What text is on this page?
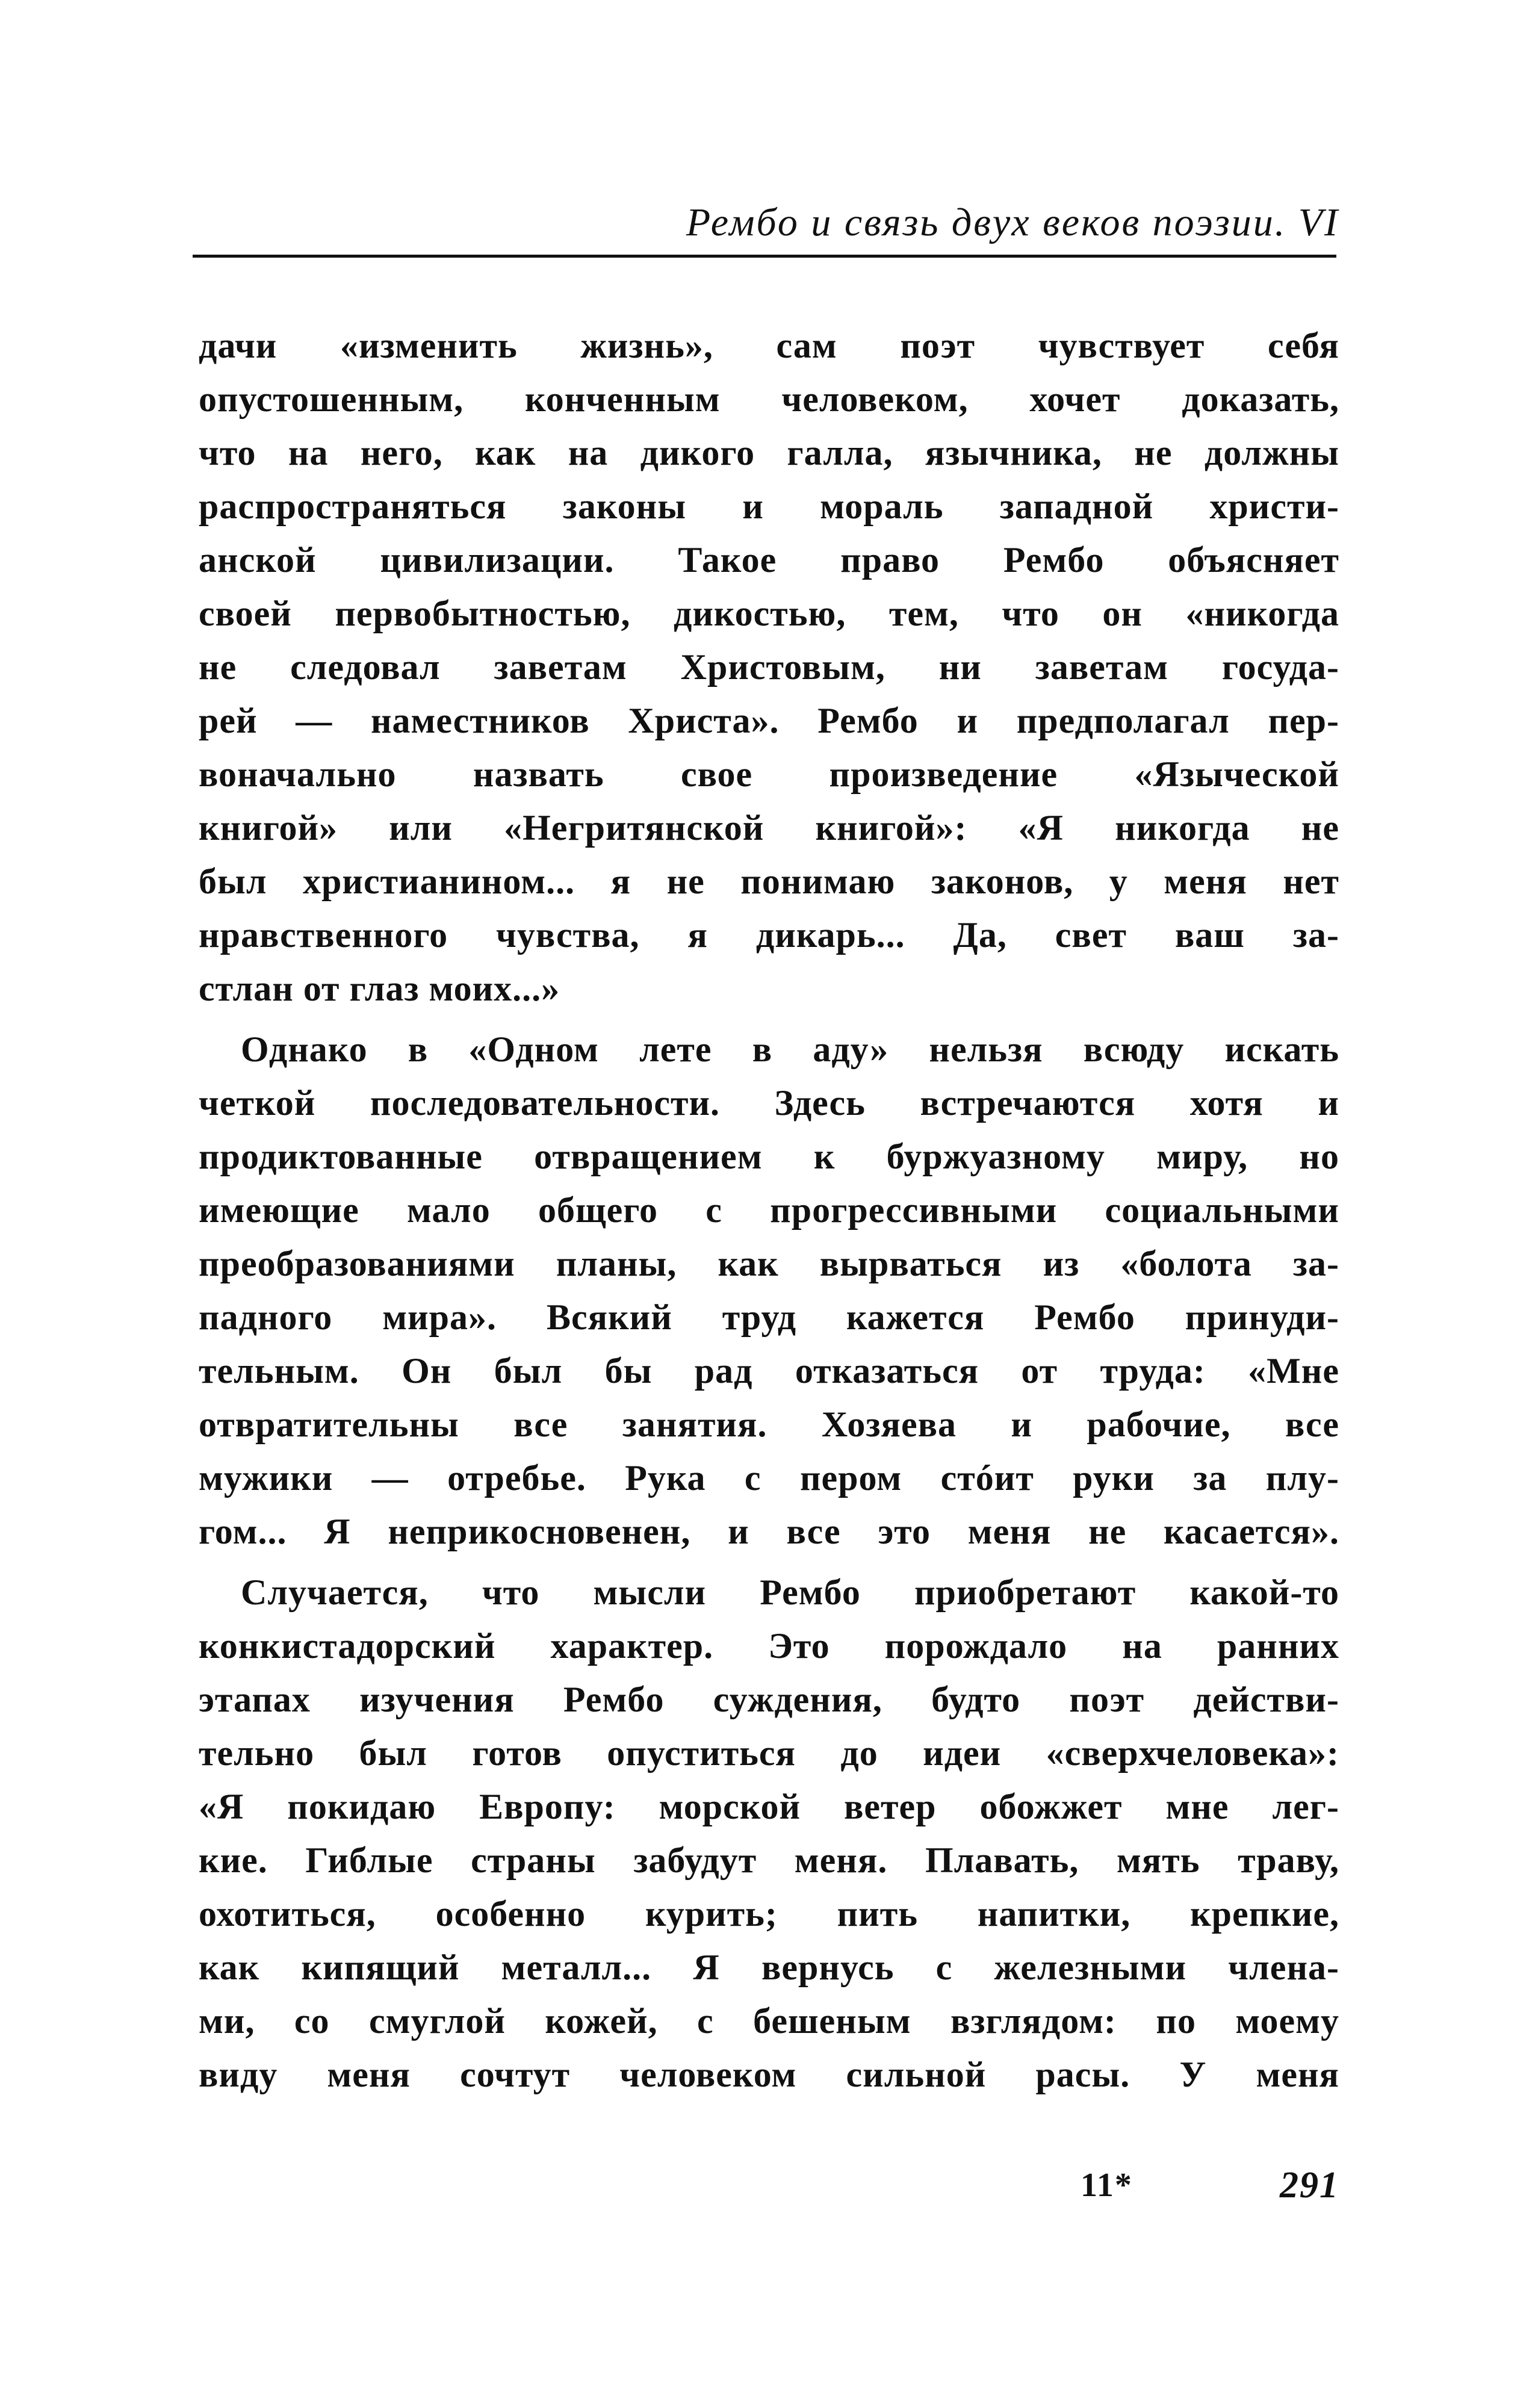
Рембо и связь двух веков поэзии. VI
дачи «изменить жизнь», сам поэт чувствует себя
опустошенным, конченным человеком, хочет доказать,
что на него, как на дикого галла, язычника, не должны
распространяться законы и мораль западной христи-
анской цивилизации. Такое право Рембо объясняет
своей первобытностью, дикостью, тем, что он «никогда
не следовал заветам Христовым, ни заветам госуда-
рей — наместников Христа». Рембо и предполагал пер-
воначально назвать свое произведение «Языческой
книгой» или «Негритянской книгой»: «Я никогда не
был христианином... я не понимаю законов, у меня нет
нравственного чувства, я дикарь... Да, свет ваш за-
стлан от глаз моих...»
Однако в «Одном лете в аду» нельзя всюду искать
четкой последовательности. Здесь встречаются хотя и
продиктованные отвращением к буржуазному миру, но
имеющие мало общего с прогрессивными социальными
преобразованиями планы, как вырваться из «болота за-
падного мира». Всякий труд кажется Рембо принуди-
тельным. Он был бы рад отказаться от труда: «Мне
отвратительны все занятия. Хозяева и рабочие, все
мужики — отребье. Рука с пером стóит руки за плу-
гом... Я неприкосновенен, и все это меня не касается».
Случается, что мысли Рембо приобретают какой-то
конкистадорский характер. Это порождало на ранних
этапах изучения Рембо суждения, будто поэт действи-
тельно был готов опуститься до идеи «сверхчеловека»:
«Я покидаю Европу: морской ветер обожжет мне лег-
кие. Гиблые страны забудут меня. Плавать, мять траву,
охотиться, особенно курить; пить напитки, крепкие,
как кипящий металл... Я вернусь с железными члена-
ми, со смуглой кожей, с бешеным взглядом: по моему
виду меня сочтут человеком сильной расы. У меня
11*	291
